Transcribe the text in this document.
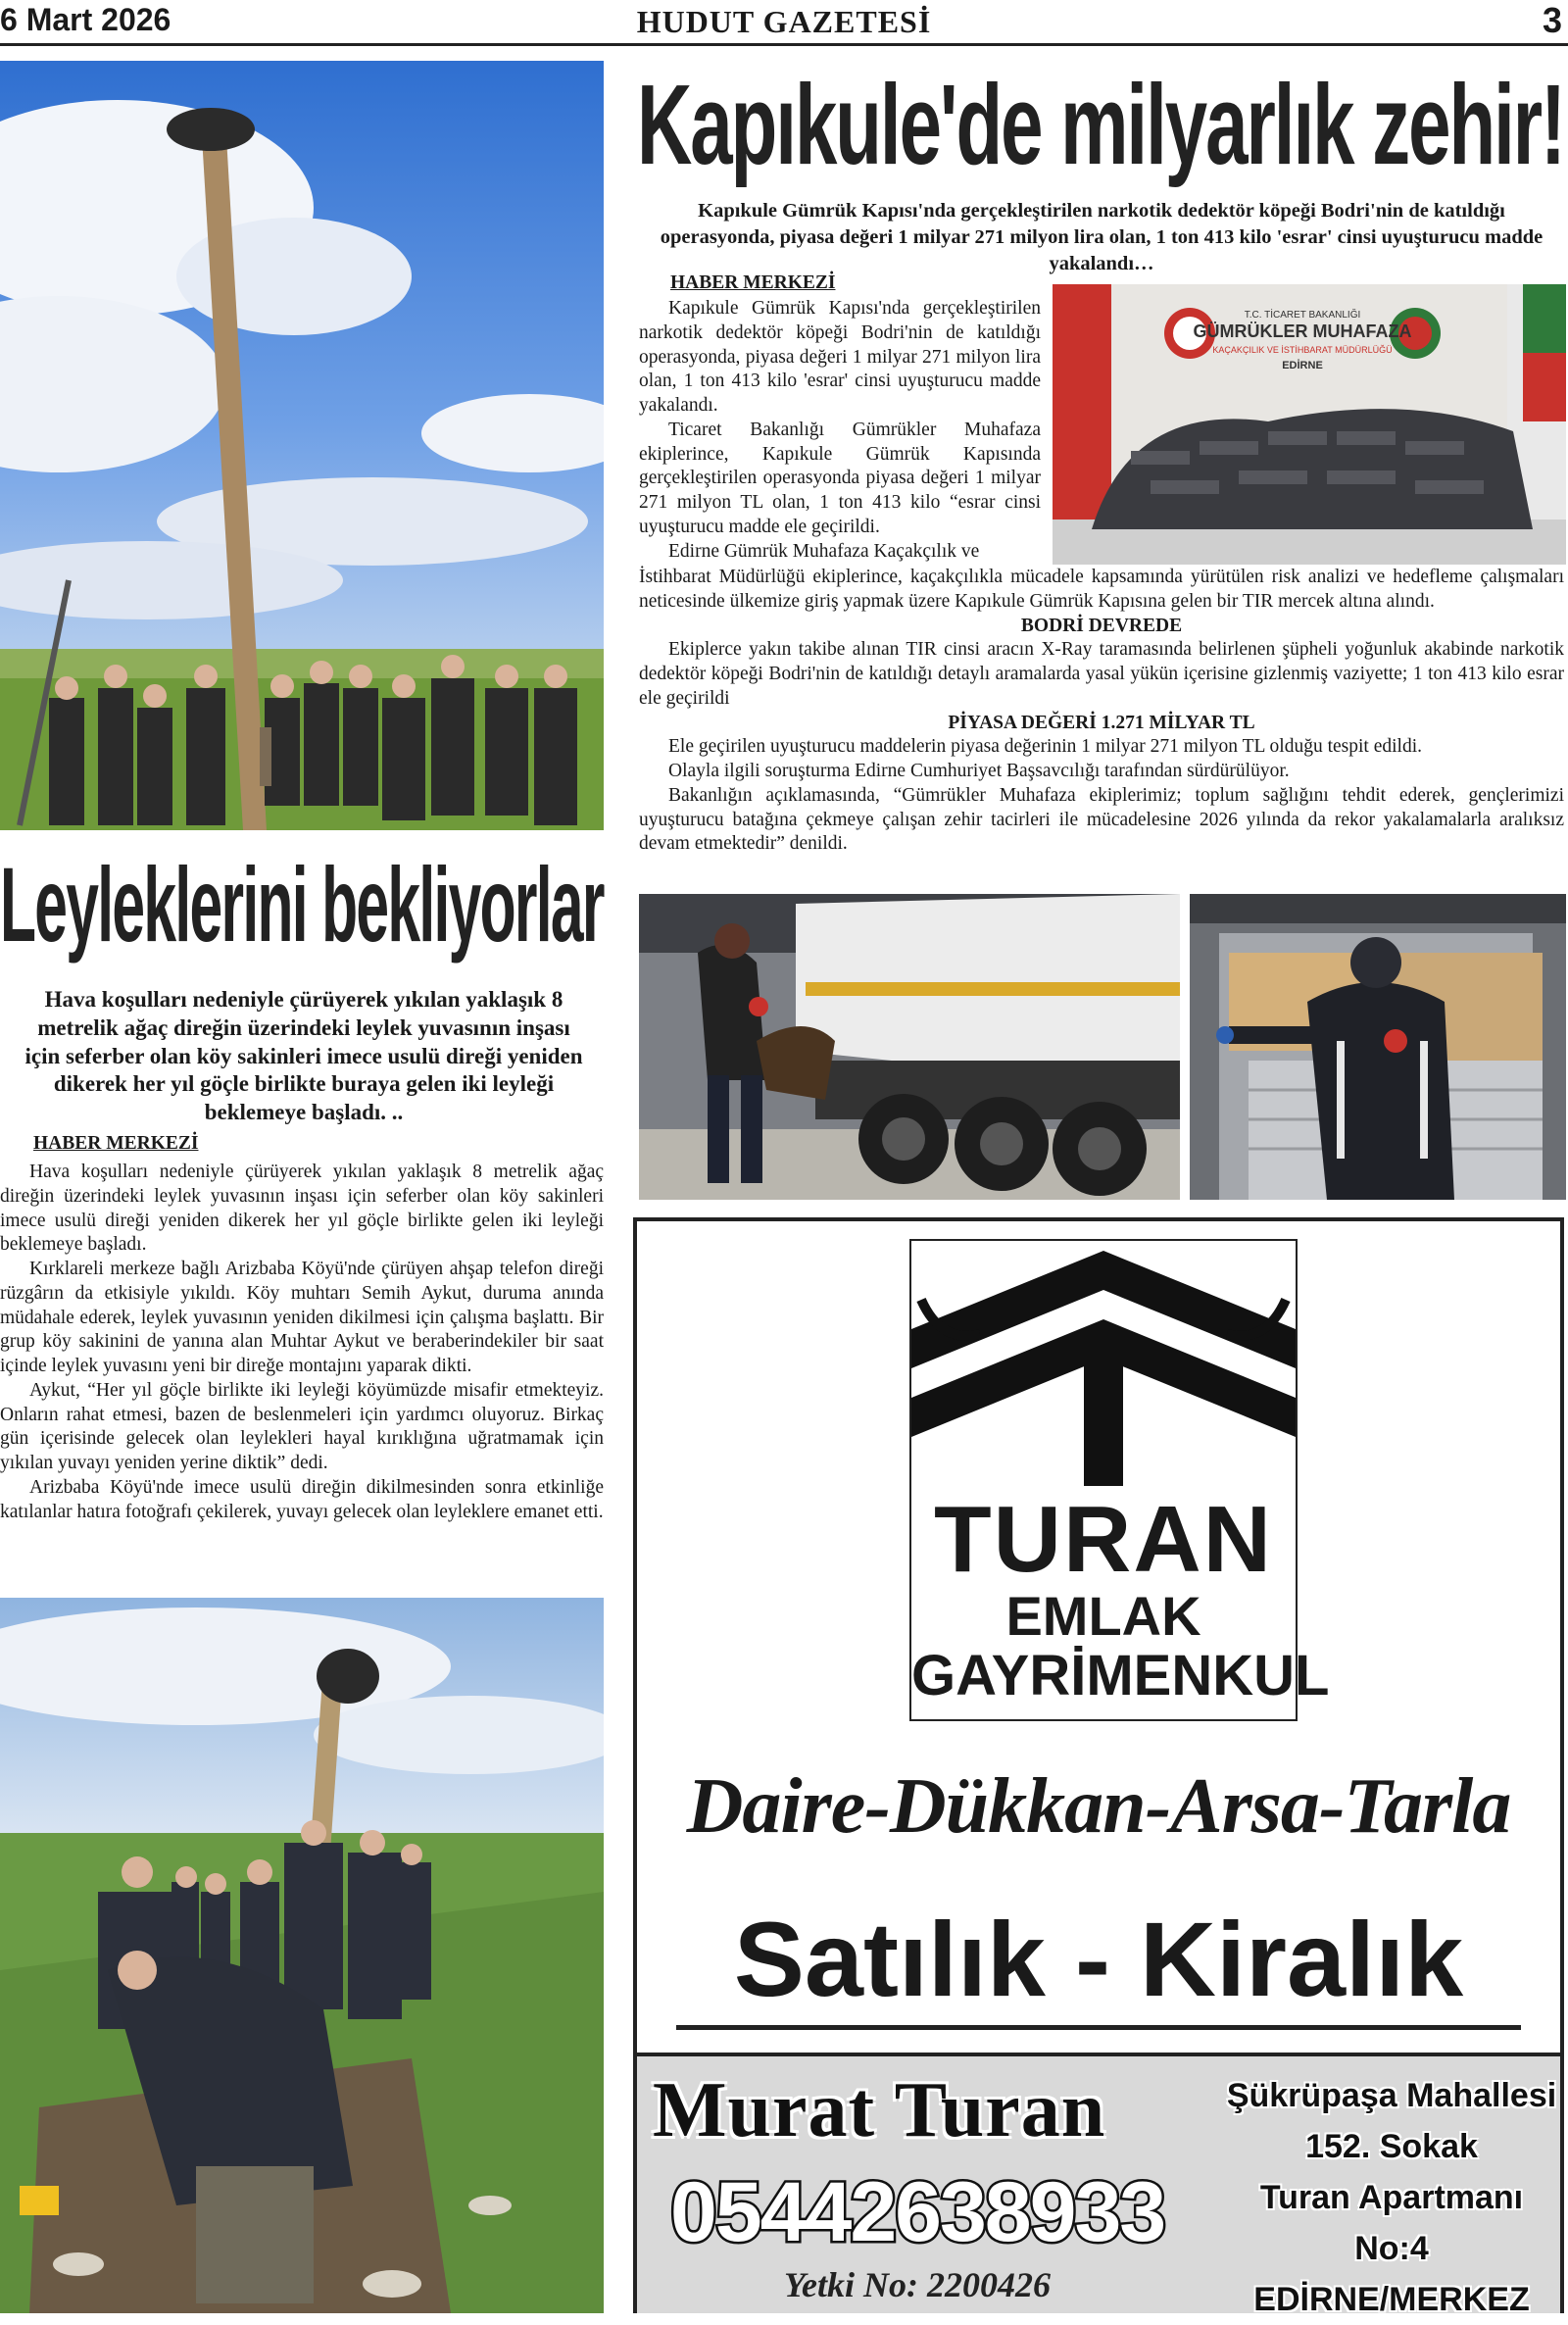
HUDUT GAZETESİ
6 Mart 2026	3
Leyleklerini bekliyorlar
Hava koşulları nedeniyle çürüyerek yıkılan yaklaşık 8 metrelik ağaç direğin üzerindeki leylek yuvasının inşası için seferber olan köy sakinleri imece usulü direği yeniden dikerek her yıl göçle birlikte buraya gelen iki leyleği beklemeye başladı. ..
HABER MERKEZİ

Hava koşulları nedeniyle çürüyerek yıkılan yaklaşık 8 metrelik ağaç direğin üzerindeki leylek yuvasının inşası için seferber olan köy sakinleri imece usulü direği yeniden dikerek her yıl göçle birlikte gelen iki leyleği beklemeye başladı.

Kırklareli merkeze bağlı Arizbaba Köyü'nde çürüyen ahşap telefon direği rüzgârın da etkisiyle yıkıldı. Köy muhtarı Semih Aykut, duruma anında müdahale ederek, leylek yuvasının yeniden dikilmesi için çalışma başlattı. Bir grup köy sakinini de yanına alan Muhtar Aykut ve beraberindekiler bir saat içinde leylek yuvasını yeni bir direğe montajını yaparak dikti.

Aykut, “Her yıl göçle birlikte iki leyleği köyümüzde misafir etmekteyiz. Onların rahat etmesi, bazen de beslenmeleri için yardımcı oluyoruz. Birkaç gün içerisinde gelecek olan leylekleri hayal kırıklığına uğratmamak için yıkılan yuvayı yeniden yerine diktik” dedi.

Arizbaba Köyü'nde imece usulü direğin dikilmesinden sonra etkinliğe katılanlar hatıra fotoğrafı çekilerek, yuvayı gelecek olan leyleklere emanet etti.

Kapıkule'de milyarlık zehir!
Kapıkule Gümrük Kapısı'nda gerçekleştirilen narkotik dedektör köpeği Bodri'nin de katıldığı operasyonda, piyasa değeri 1 milyar 271 milyon lira olan, 1 ton 413 kilo 'esrar' cinsi uyuşturucu madde yakalandı…
HABER MERKEZİ

Kapıkule Gümrük Kapısı'nda gerçekleştirilen narkotik dedektör köpeği Bodri'nin de katıldığı operasyonda, piyasa değeri 1 milyar 271 milyon lira olan, 1 ton 413 kilo 'esrar' cinsi uyuşturucu madde yakalandı.

Ticaret Bakanlığı Gümrükler Muhafaza ekiplerince, Kapıkule Gümrük Kapısında gerçekleştirilen operasyonda piyasa değeri 1 milyar 271 milyon TL olan, 1 ton 413 kilo “esrar cinsi uyuşturucu madde ele geçirildi.

Edirne Gümrük Muhafaza Kaçakçılık ve

T.C. TİCARET BAKANLIĞI
GÜMRÜKLER MUHAFAZA
KAÇAKÇILIK VE İSTİHBARAT MÜDÜRLÜĞÜ
EDİRNE

İstihbarat Müdürlüğü ekiplerince, kaçakçılıkla mücadele kapsamında yürütülen risk analizi ve hedefleme çalışmaları neticesinde ülkemize giriş yapmak üzere Kapıkule Gümrük Kapısına gelen bir TIR mercek altına alındı.

BODRİ DEVREDE

Ekiplerce yakın takibe alınan TIR cinsi aracın X-Ray taramasında belirlenen şüpheli yoğunluk akabinde narkotik dedektör köpeği Bodri'nin de katıldığı detaylı aramalarda yasal yükün içerisine gizlenmiş vaziyette; 1 ton 413 kilo esrar ele geçirildi

PİYASA DEĞERİ 1.271 MİLYAR TL

Ele geçirilen uyuşturucu maddelerin piyasa değerinin 1 milyar 271 milyon TL olduğu tespit edildi.

Olayla ilgili soruşturma Edirne Cumhuriyet Başsavcılığı tarafından sürdürülüyor.

Bakanlığın açıklamasında, “Gümrükler Muhafaza ekiplerimiz; toplum sağlığını tehdit ederek, gençlerimizi uyuşturucu batağına çekmeye çalışan zehir tacirleri ile mücadelesine 2026 yılında da rekor yakalamalarla aralıksız devam etmektedir” denildi.

TURAN
EMLAK
GAYRİMENKUL
Daire-Dükkan-Arsa-Tarla
Satılık - Kiralık
Murat Turan
05442638933
Yetki No: 2200426
Şükrüpaşa Mahallesi
152. Sokak
Turan Apartmanı No:4
EDİRNE/MERKEZ
